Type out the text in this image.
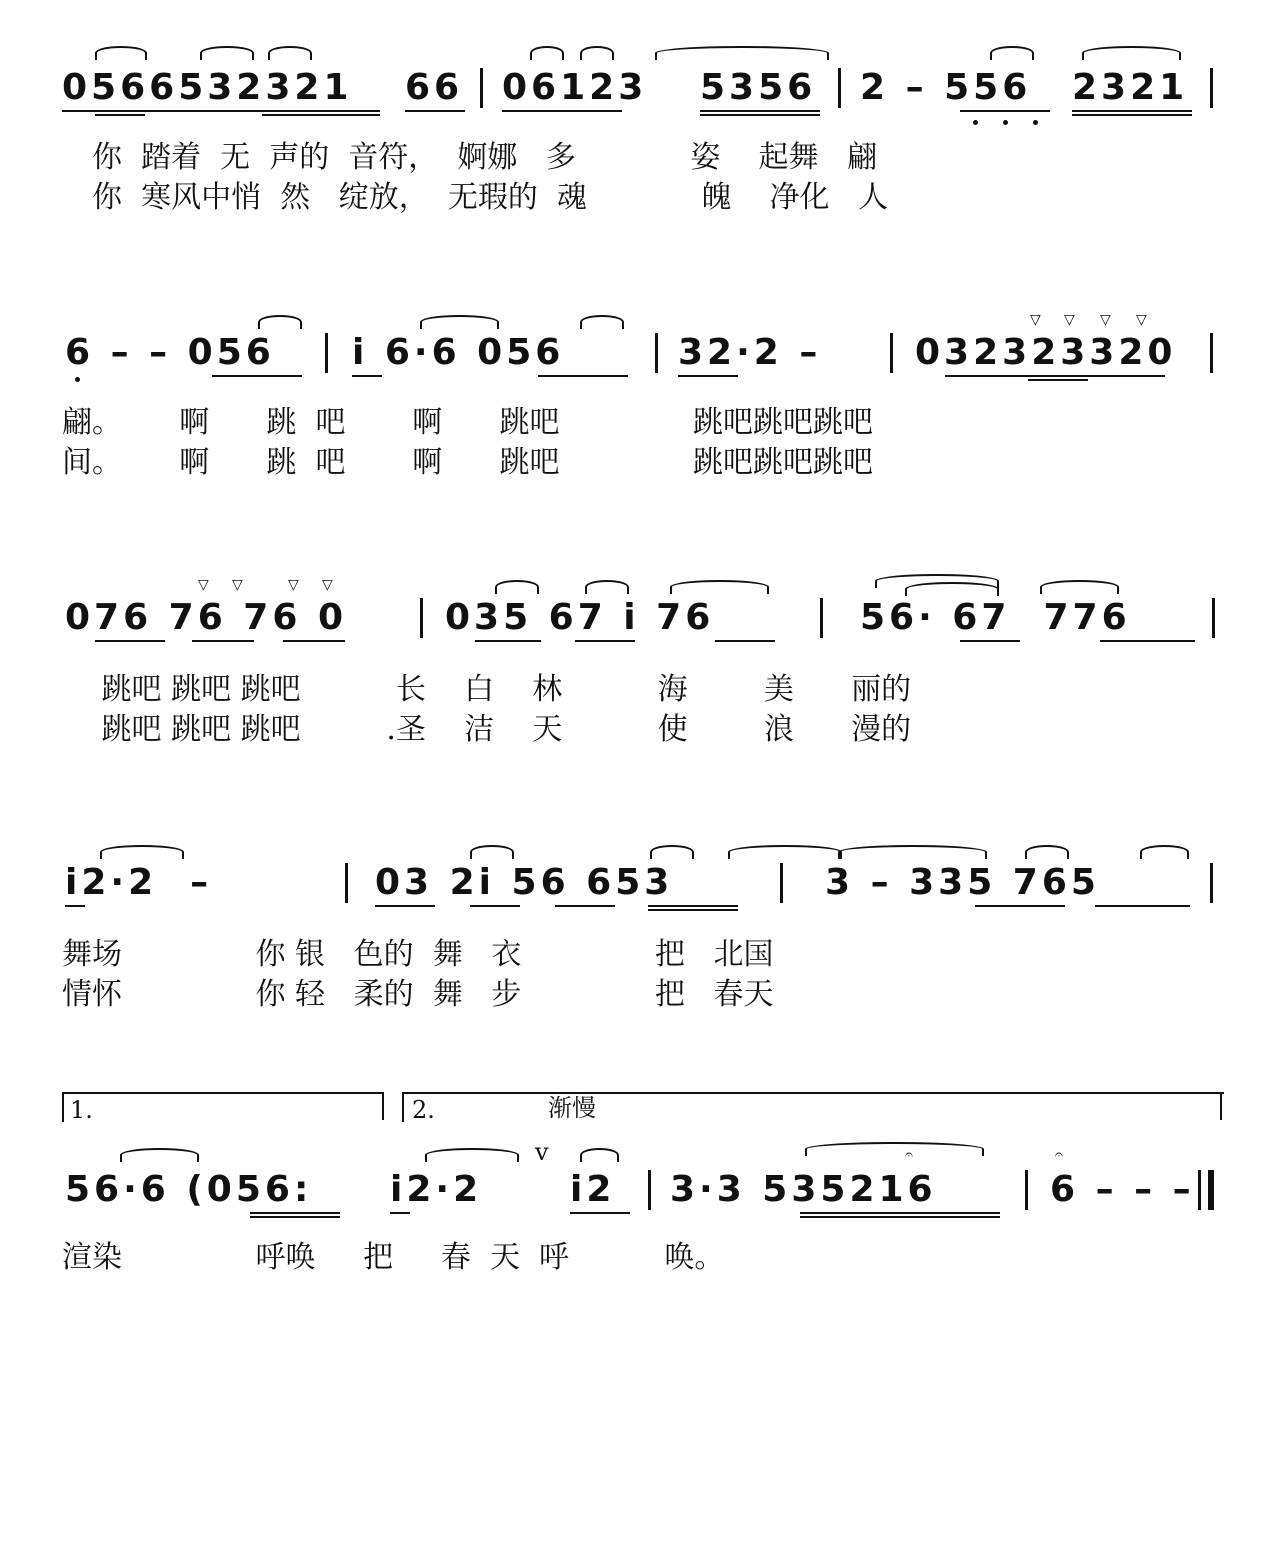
0566532321 66 06123 5356 2 – 556 2321
你  踏着  无  声的  音符，  婀娜   多            姿    起舞   翩
你  寒风中悄  然   绽放，  无瑕的  魂            魄    净化   人
▽ ▽ ▽ ▽
6 – – 056 i 6·6 056	32·2 –	032323320
翩。      啊      跳  吧       啊      跳吧              跳吧跳吧跳吧
间。      啊      跳  吧       啊      跳吧              跳吧跳吧跳吧
▽ ▽	▽ ▽
076 76 76 0	035 67 i 76	56· 67  776
跳吧 跳吧 跳吧          长    白    林          海        美      丽的
跳吧 跳吧 跳吧         .圣    洁    天          使        浪      漫的
i2·2  –	03 2i 56 653	3 – 335 765
舞场              你 银   色的  舞   衣              把   北国
情怀              你 轻   柔的  舞   步              把   春天
1.	2.	渐慢
v	𝄐	𝄐
56·6 (056: i2·2 i2 3·3 535216	6 – – –
渲染              呼唤     把     春  天  呼          唤。
